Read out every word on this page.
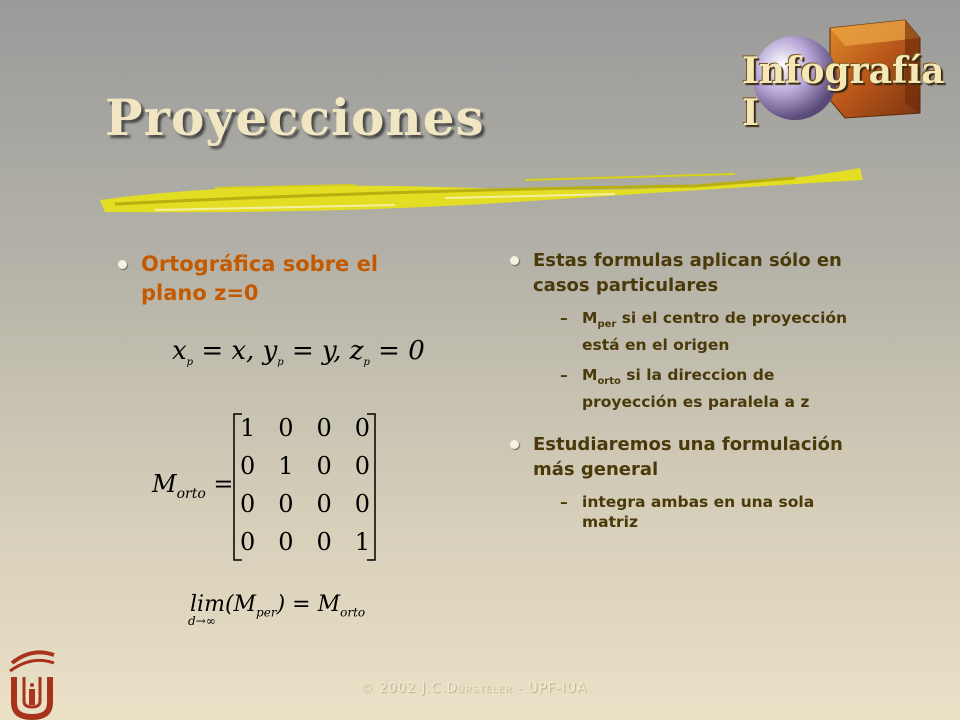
Infografía I
Proyecciones
Ortográfica sobre el plano z=0
$x_p = x$, $y_p = y$, $z_p = 0$
$M_{orto}$ =
1 0 0 0
0 1 0 0
0 0 0 0
0 0 0 1
lim
d→∞
$(M_{per}) = M_{orto}$
Estas formulas aplican sólo en casos particulares
– $M_{per}$ si el centro de proyección está en el origen
– $M_{orto}$ si la direccion de proyección es paralela a z
Estudiaremos una formulación más general
– integra ambas en una sola matriz
© 2002 J.C.Dürsteler - UPF-IUA
